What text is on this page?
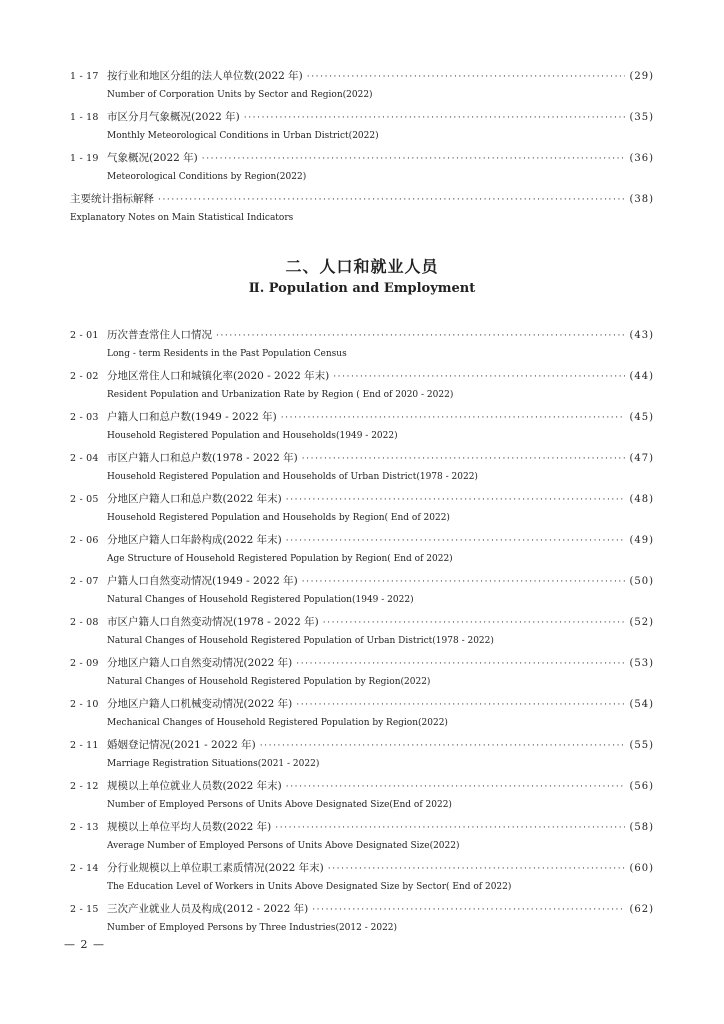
1 - 17 按行业和地区分组的法人单位数(2022 年) ·····	(29)
Number of Corporation Units by Sector and Region(2022)
1 - 18 市区分月气象概况(2022 年) ·····	(35)
Monthly Meteorological Conditions in Urban District(2022)
1 - 19 气象概况(2022 年) ·····	(36)
Meteorological Conditions by Region(2022)
主要统计指标解释 ·····	(38)
Explanatory Notes on Main Statistical Indicators
二、人口和就业人员
Ⅱ. Population and Employment
2 - 01 历次普查常住人口情况 ·····	(43)
Long - term Residents in the Past Population Census
2 - 02 分地区常住人口和城镇化率(2020 - 2022 年末) ·····	(44)
Resident Population and Urbanization Rate by Region ( End of 2020 - 2022)
2 - 03 户籍人口和总户数(1949 - 2022 年) ·····	(45)
Household Registered Population and Households(1949 - 2022)
2 - 04 市区户籍人口和总户数(1978 - 2022 年) ·····	(47)
Household Registered Population and Households of Urban District(1978 - 2022)
2 - 05 分地区户籍人口和总户数(2022 年末) ·····	(48)
Household Registered Population and Households by Region( End of 2022)
2 - 06 分地区户籍人口年龄构成(2022 年末) ·····	(49)
Age Structure of Household Registered Population by Region( End of 2022)
2 - 07 户籍人口自然变动情况(1949 - 2022 年) ·····	(50)
Natural Changes of Household Registered Population(1949 - 2022)
2 - 08 市区户籍人口自然变动情况(1978 - 2022 年) ·····	(52)
Natural Changes of Household Registered Population of Urban District(1978 - 2022)
2 - 09 分地区户籍人口自然变动情况(2022 年) ·····	(53)
Natural Changes of Household Registered Population by Region(2022)
2 - 10 分地区户籍人口机械变动情况(2022 年) ·····	(54)
Mechanical Changes of Household Registered Population by Region(2022)
2 - 11 婚姻登记情况(2021 - 2022 年) ·····	(55)
Marriage Registration Situations(2021 - 2022)
2 - 12 规模以上单位就业人员数(2022 年末) ·····	(56)
Number of Employed Persons of Units Above Designated Size(End of 2022)
2 - 13 规模以上单位平均人员数(2022 年) ·····	(58)
Average Number of Employed Persons of Units Above Designated Size(2022)
2 - 14 分行业规模以上单位职工素质情况(2022 年末) ·····	(60)
The Education Level of Workers in Units Above Designated Size by Sector( End of 2022)
2 - 15 三次产业就业人员及构成(2012 - 2022 年) ·····	(62)
Number of Employed Persons by Three Industries(2012 - 2022)
— 2 —
